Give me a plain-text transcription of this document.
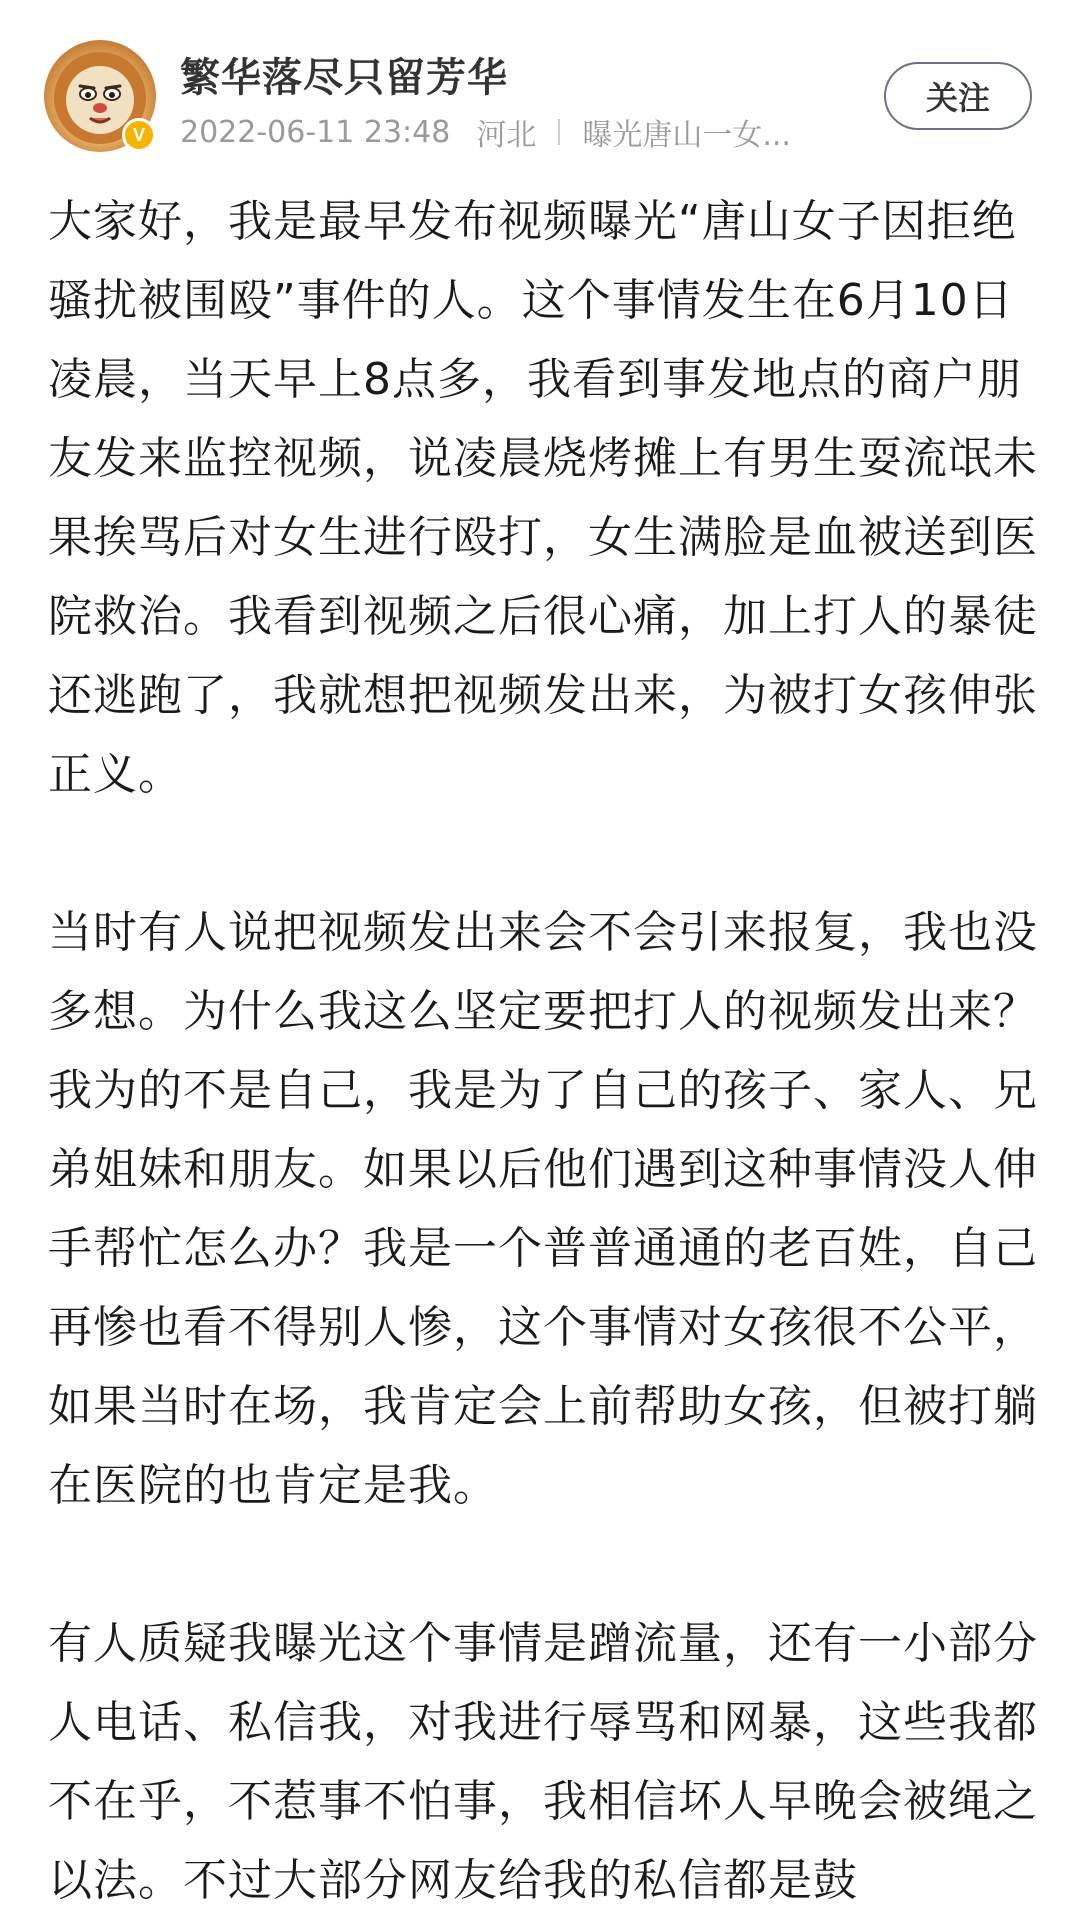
V
繁华落尽只留芳华
2022-06-11 23:48 河北 曝光唐山一女...
关注

大家好，我是最早发布视频曝光“唐山女子因拒绝骚扰被围殴”事件的人。这个事情发生在6月10日凌晨，当天早上8点多，我看到事发地点的商户朋友发来监控视频，说凌晨烧烤摊上有男生耍流氓未果挨骂后对女生进行殴打，女生满脸是血被送到医院救治。我看到视频之后很心痛，加上打人的暴徒还逃跑了，我就想把视频发出来，为被打女孩伸张正义。

当时有人说把视频发出来会不会引来报复，我也没多想。为什么我这么坚定要把打人的视频发出来？我为的不是自己，我是为了自己的孩子、家人、兄弟姐妹和朋友。如果以后他们遇到这种事情没人伸手帮忙怎么办？我是一个普普通通的老百姓，自己再惨也看不得别人惨，这个事情对女孩很不公平，如果当时在场，我肯定会上前帮助女孩，但被打躺在医院的也肯定是我。

有人质疑我曝光这个事情是蹭流量，还有一小部分人电话、私信我，对我进行辱骂和网暴，这些我都不在乎，不惹事不怕事，我相信坏人早晚会被绳之以法。不过大部分网友给我的私信都是鼓
